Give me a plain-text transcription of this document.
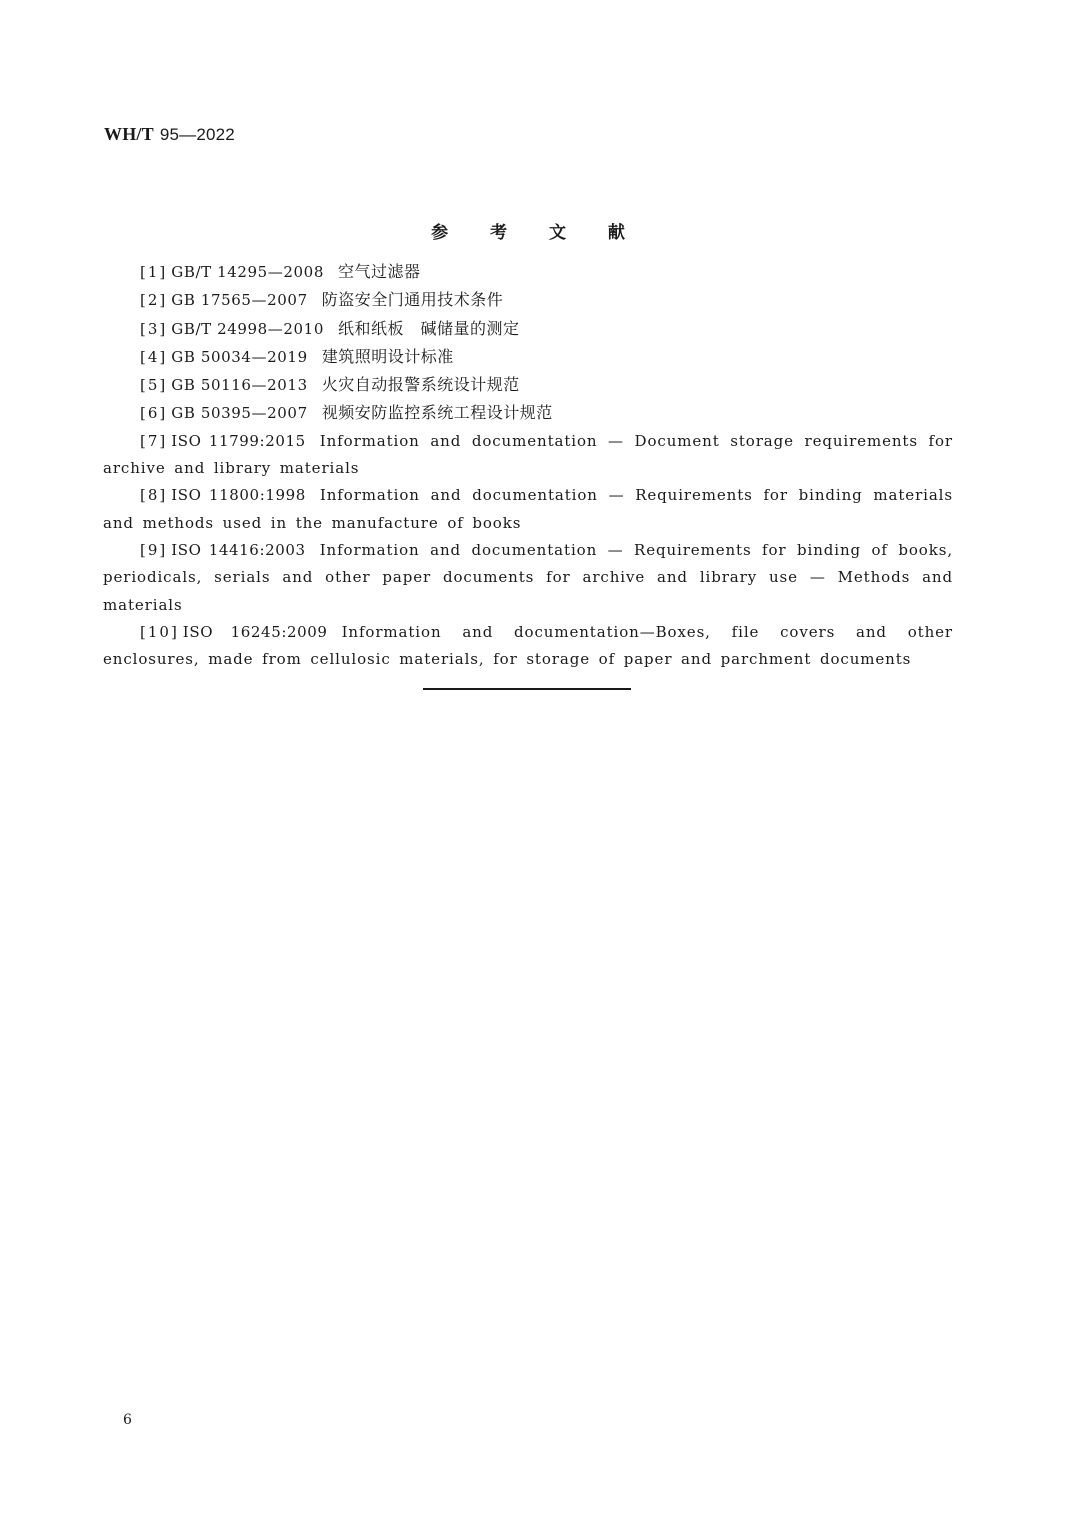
WH/T 95—2022
参 考 文 献

[1] GB/T 14295—2008 空气过滤器

[2] GB 17565—2007 防盗安全门通用技术条件

[3] GB/T 24998—2010 纸和纸板　碱储量的测定

[4] GB 50034—2019 建筑照明设计标准

[5] GB 50116—2013 火灾自动报警系统设计规范

[6] GB 50395—2007 视频安防监控系统工程设计规范

[7] ISO 11799:2015 Information and documentation — Document storage requirements for archive and library materials

[8] ISO 11800:1998 Information and documentation — Requirements for binding materials and methods used in the manufacture of books

[9] ISO 14416:2003 Information and documentation — Requirements for binding of books, periodicals, serials and other paper documents for archive and library use — Methods and materials

[10] ISO 16245:2009 Information and documentation—Boxes, file covers and other enclosures, made from cellulosic materials, for storage of paper and parchment documents

6
